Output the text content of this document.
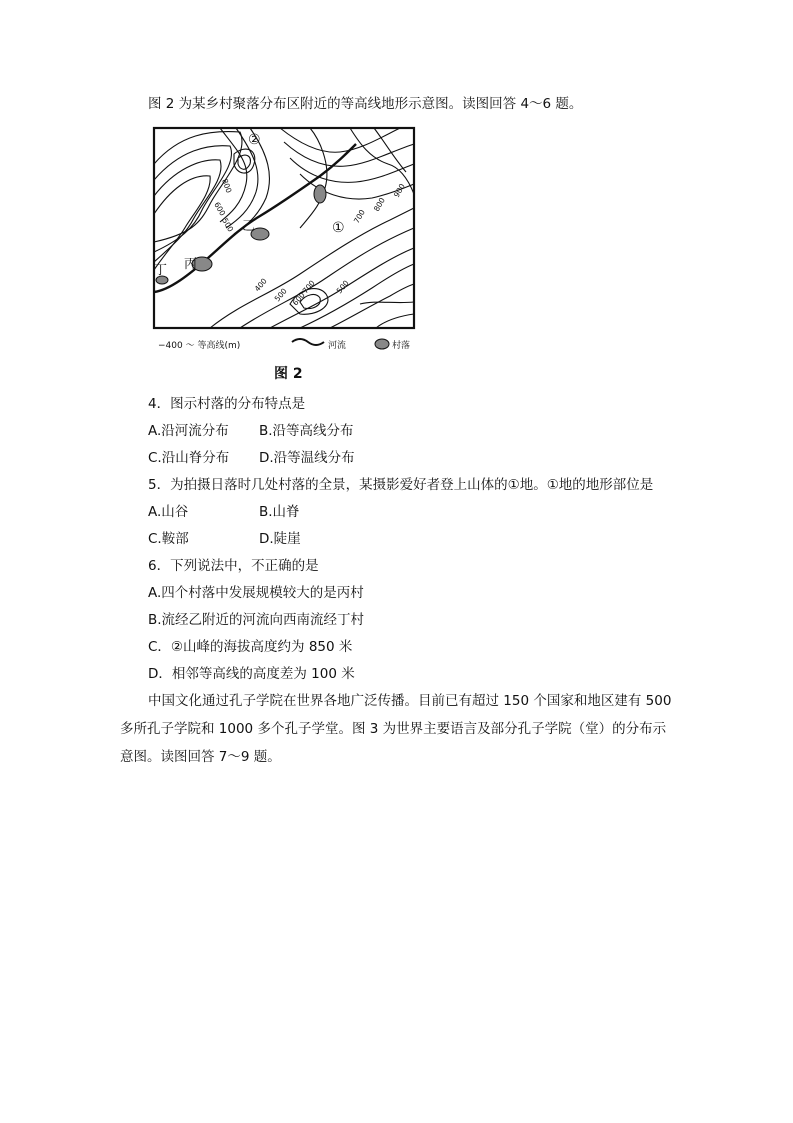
图 2 为某乡村聚落分布区附近的等高线地形示意图。读图回答 4～6 题。
乙
丙
丁
②
①
800
600
500
900
800
700
400
500 600
700 500
−400 ～ 等高线(m)	河流	村落
图 2
4．图示村落的分布特点是
A.沿河流分布 B.沿等高线分布
C.沿山脊分布 D.沿等温线分布
5．为拍摄日落时几处村落的全景，某摄影爱好者登上山体的①地。①地的地形部位是
A.山谷	B.山脊
C.鞍部	D.陡崖
6．下列说法中，不正确的是
A.四个村落中发展规模较大的是丙村
B.流经乙附近的河流向西南流经丁村
C．②山峰的海拔高度约为 850 米
D．相邻等高线的高度差为 100 米
中国文化通过孔子学院在世界各地广泛传播。目前已有超过 150 个国家和地区建有 500
多所孔子学院和 1000 多个孔子学堂。图 3 为世界主要语言及部分孔子学院（堂）的分布示
意图。读图回答 7～9 题。
